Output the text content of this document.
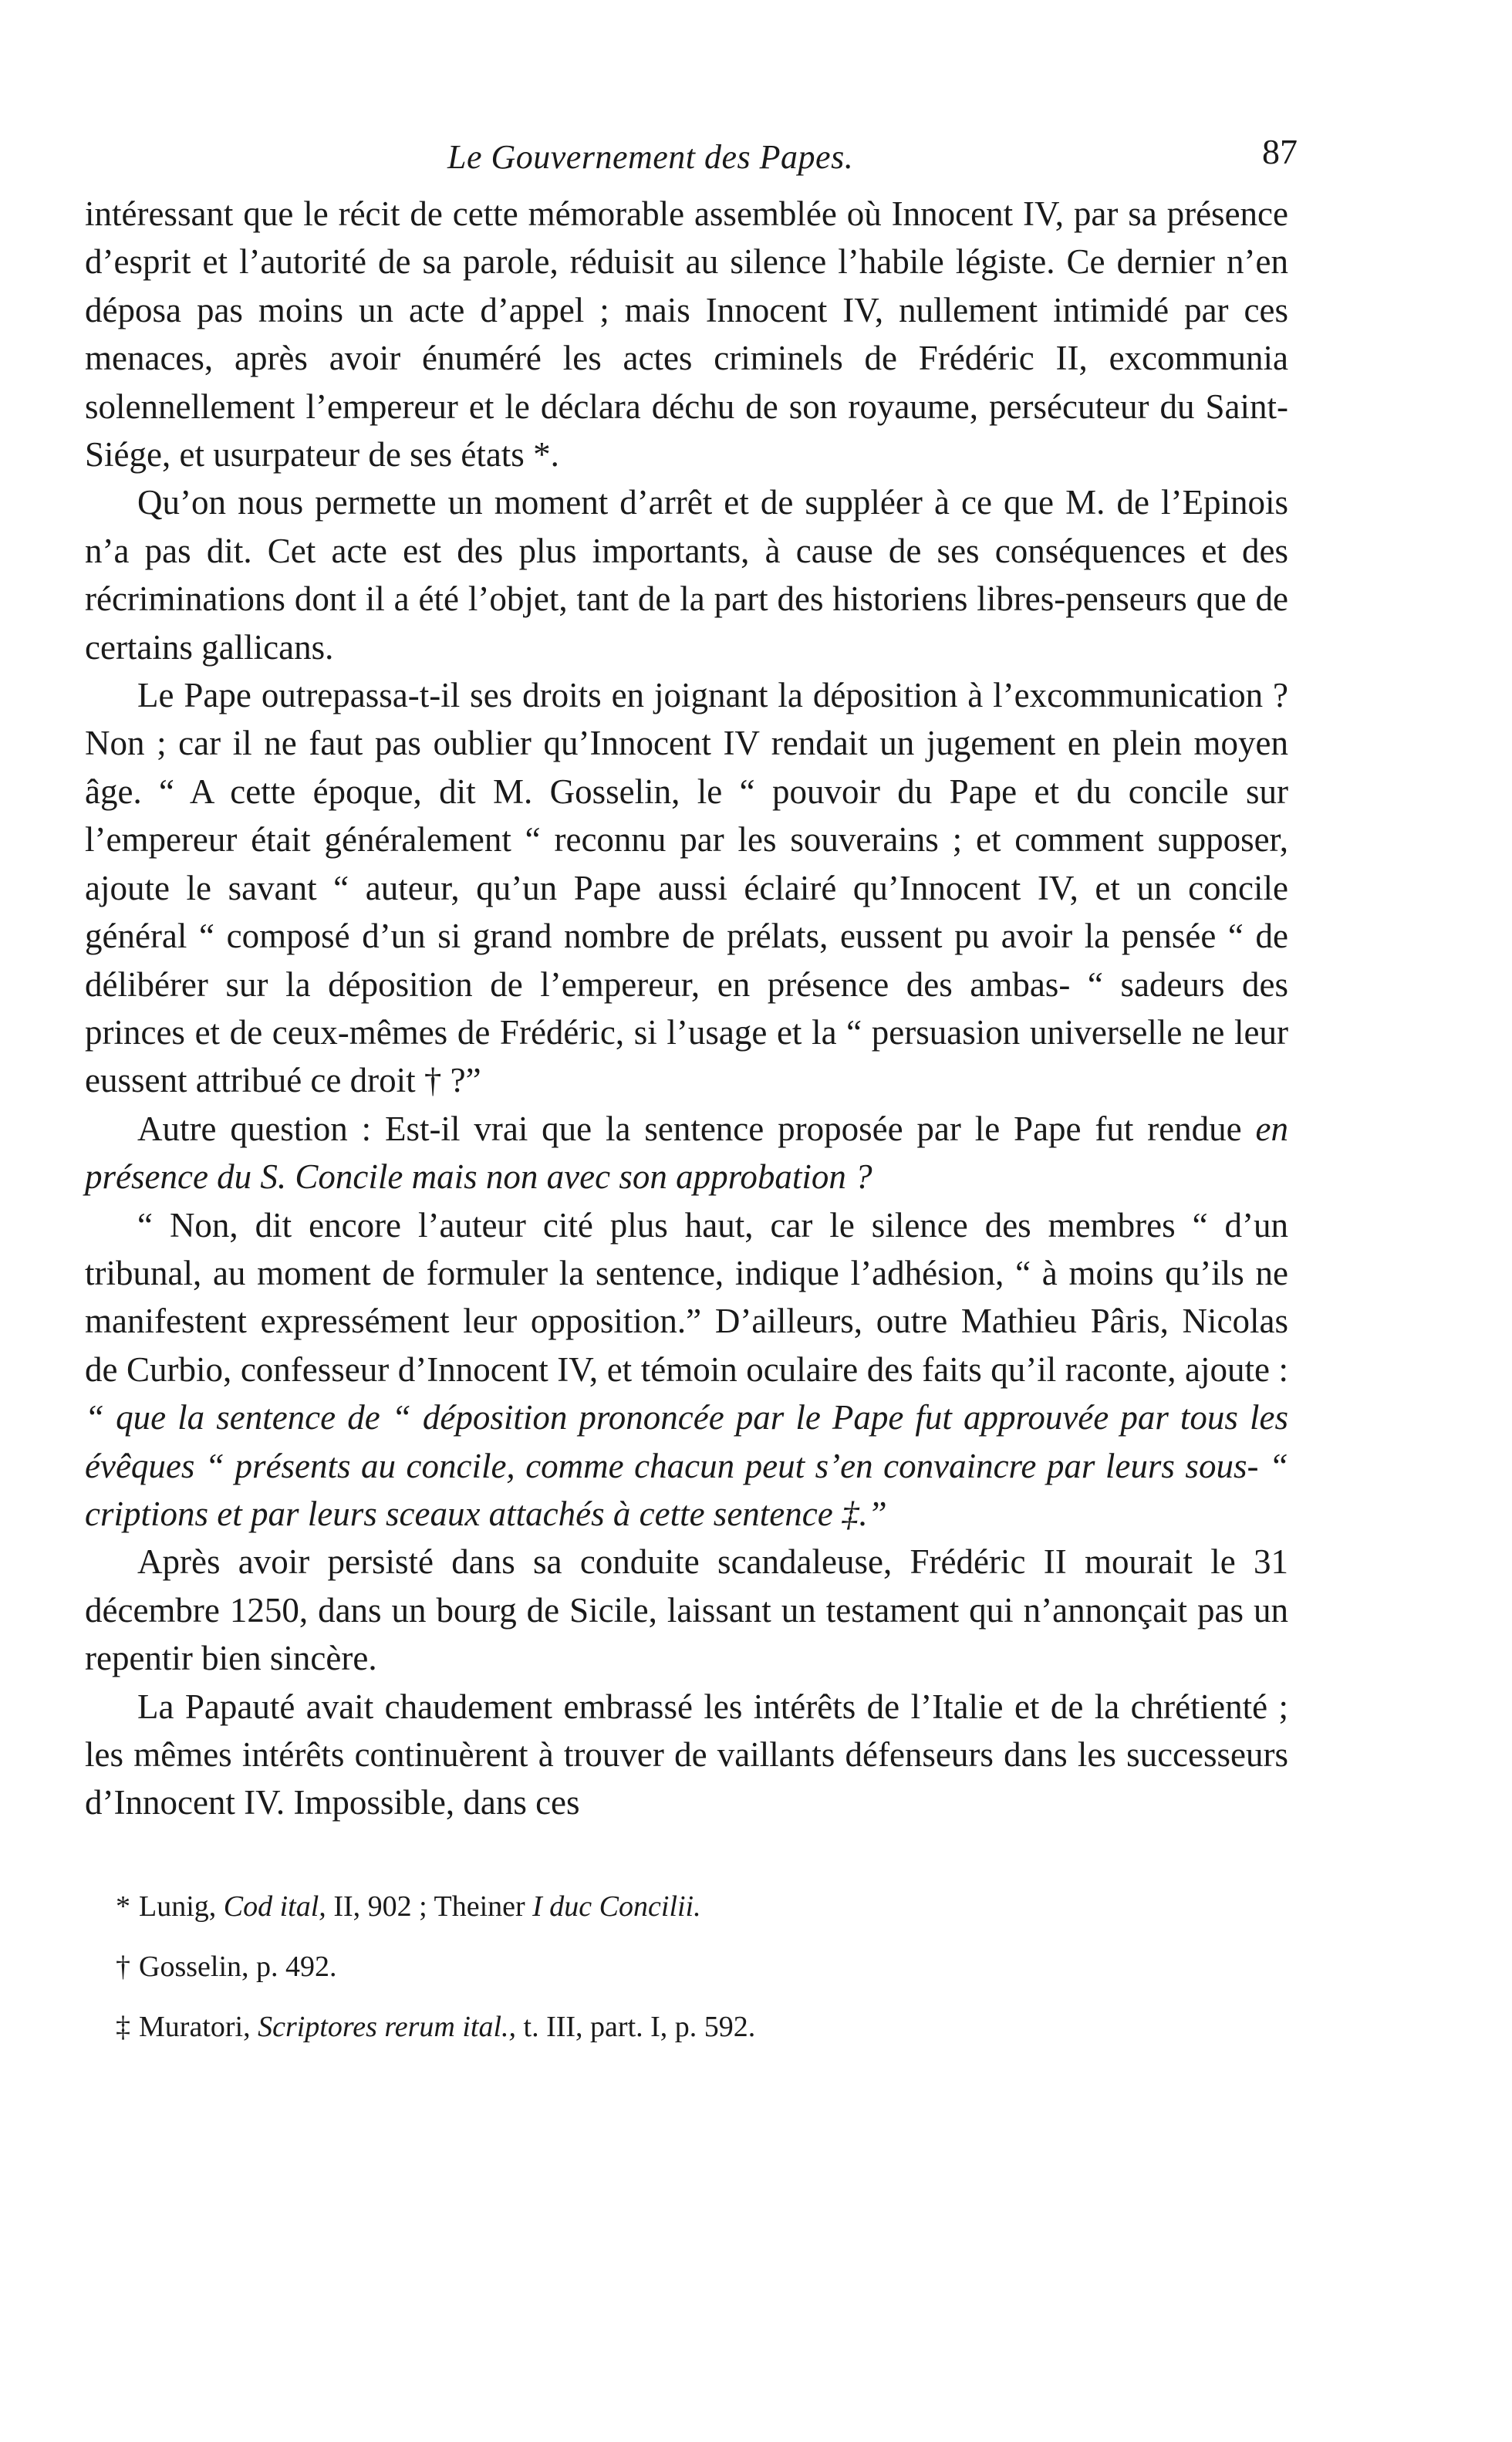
Le Gouvernement des Papes.	87

intéressant que le récit de cette mémorable assemblée où Innocent IV, par sa présence d’esprit et l’autorité de sa parole, réduisit au silence l’habile légiste. Ce dernier n’en déposa pas moins un acte d’appel ; mais Innocent IV, nullement intimidé par ces menaces, après avoir énuméré les actes criminels de Frédéric II, excommunia solennellement l’empereur et le déclara déchu de son royaume, persécuteur du Saint-Siége, et usurpateur de ses états *.

Qu’on nous permette un moment d’arrêt et de suppléer à ce que M. de l’Epinois n’a pas dit. Cet acte est des plus importants, à cause de ses conséquences et des récriminations dont il a été l’objet, tant de la part des historiens libres-penseurs que de certains gallicans.

Le Pape outrepassa-t-il ses droits en joignant la déposition à l’excommunication ? Non ; car il ne faut pas oublier qu’Innocent IV rendait un jugement en plein moyen âge. “ A cette époque, dit M. Gosselin, le “ pouvoir du Pape et du concile sur l’empereur était généralement “ reconnu par les souverains ; et comment supposer, ajoute le savant “ auteur, qu’un Pape aussi éclairé qu’Innocent IV, et un concile général “ composé d’un si grand nombre de prélats, eussent pu avoir la pensée “ de délibérer sur la déposition de l’empereur, en présence des ambas- “ sadeurs des princes et de ceux-mêmes de Frédéric, si l’usage et la “ persuasion universelle ne leur eussent attribué ce droit † ?”

Autre question : Est-il vrai que la sentence proposée par le Pape fut rendue en présence du S. Concile mais non avec son approbation ?

“ Non, dit encore l’auteur cité plus haut, car le silence des membres “ d’un tribunal, au moment de formuler la sentence, indique l’adhésion, “ à moins qu’ils ne manifestent expressément leur opposition.” D’ailleurs, outre Mathieu Pâris, Nicolas de Curbio, confesseur d’Innocent IV, et témoin oculaire des faits qu’il raconte, ajoute : “ que la sentence de “ déposition prononcée par le Pape fut approuvée par tous les évêques “ présents au concile, comme chacun peut s’en convaincre par leurs sous- “ criptions et par leurs sceaux attachés à cette sentence ‡.”

Après avoir persisté dans sa conduite scandaleuse, Frédéric II mourait le 31 décembre 1250, dans un bourg de Sicile, laissant un testament qui n’annonçait pas un repentir bien sincère.

La Papauté avait chaudement embrassé les intérêts de l’Italie et de la chrétienté ; les mêmes intérêts continuèrent à trouver de vaillants défenseurs dans les successeurs d’Innocent IV. Impossible, dans ces

* Lunig, Cod ital, II, 902 ; Theiner I duc Concilii.

† Gosselin, p. 492.

‡ Muratori, Scriptores rerum ital., t. III, part. I, p. 592.
